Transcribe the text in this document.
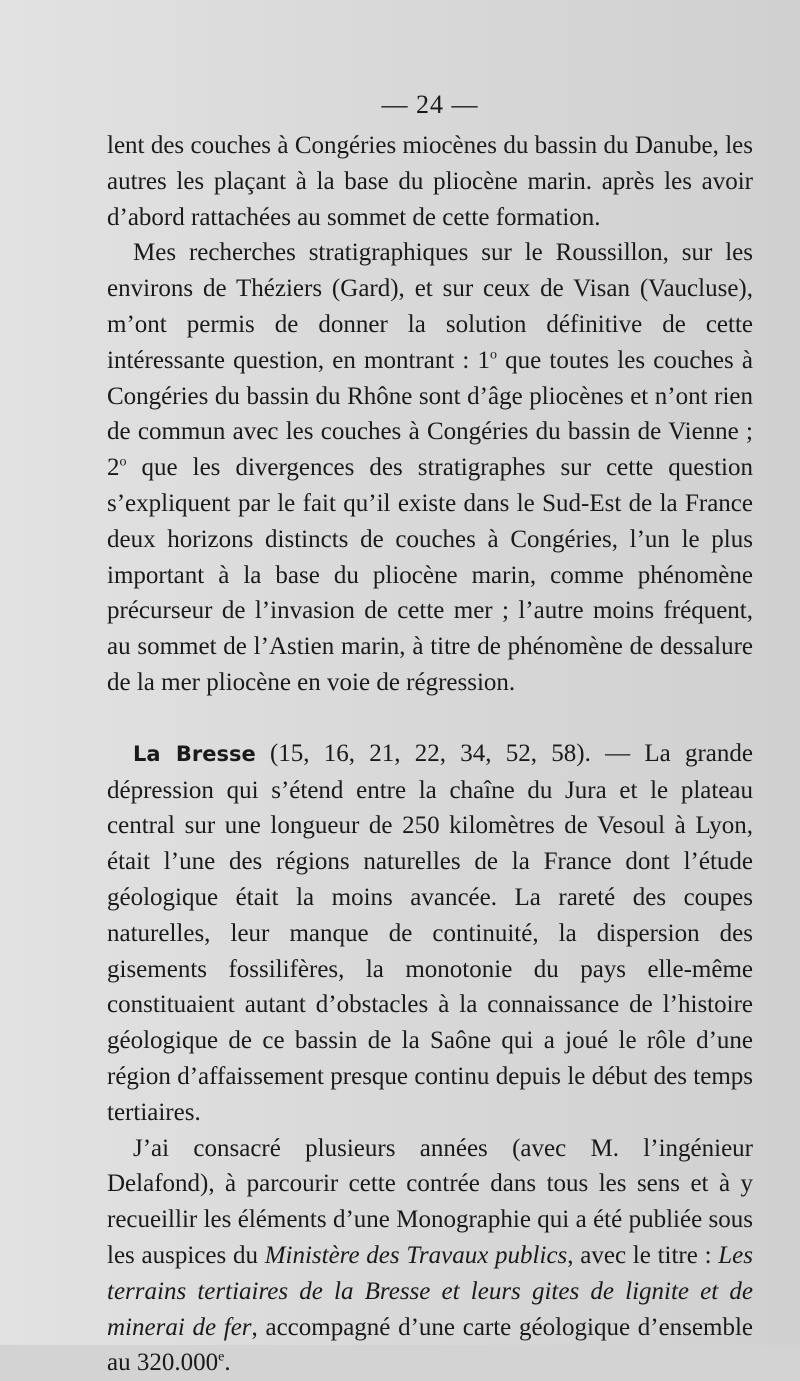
— 24 —

lent des couches à Congéries miocènes du bassin du Danube, les autres les plaçant à la base du pliocène marin. après les avoir d’abord rattachées au sommet de cette formation.

Mes recherches stratigraphiques sur le Roussillon, sur les environs de Théziers (Gard), et sur ceux de Visan (Vaucluse), m’ont permis de donner la solution définitive de cette intéressante question, en montrant : 1$^o$ que toutes les couches à Congéries du bassin du Rhône sont d’âge pliocènes et n’ont rien de commun avec les couches à Congéries du bassin de Vienne ; 2$^o$ que les divergences des stratigraphes sur cette question s’expliquent par le fait qu’il existe dans le Sud-Est de la France deux horizons distincts de couches à Congéries, l’un le plus important à la base du pliocène marin, comme phénomène précurseur de l’invasion de cette mer ; l’autre moins fréquent, au sommet de l’Astien marin, à titre de phénomène de dessalure de la mer pliocène en voie de régression.

La Bresse (15, 16, 21, 22, 34, 52, 58). — La grande dépression qui s’étend entre la chaîne du Jura et le plateau central sur une longueur de 250 kilomètres de Vesoul à Lyon, était l’une des régions naturelles de la France dont l’étude géologique était la moins avancée. La rareté des coupes naturelles, leur manque de continuité, la dispersion des gisements fossilifères, la monotonie du pays elle-même constituaient autant d’obstacles à la connaissance de l’histoire géologique de ce bassin de la Saône qui a joué le rôle d’une région d’affaissement presque continu depuis le début des temps tertiaires.

J’ai consacré plusieurs années (avec M. l’ingénieur Delafond), à parcourir cette contrée dans tous les sens et à y recueillir les éléments d’une Monographie qui a été publiée sous les auspices du Ministère des Travaux publics, avec le titre : Les terrains tertiaires de la Bresse et leurs gites de lignite et de minerai de fer, accompagné d’une carte géologique d’ensemble au 320.000e.
